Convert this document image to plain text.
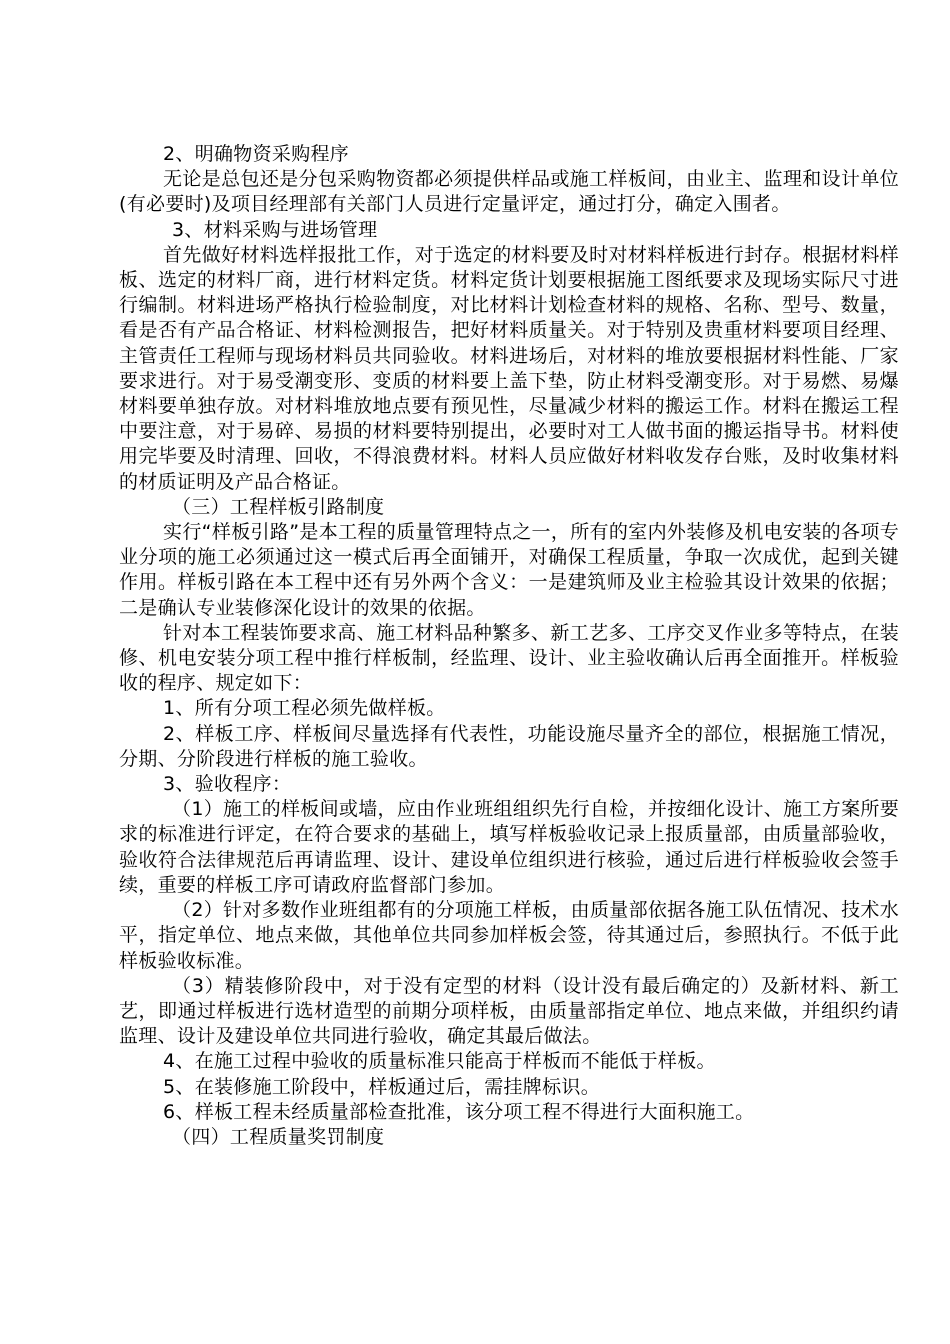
2、明确物资采购程序

无论是总包还是分包采购物资都必须提供样品或施工样板间，由业主、监理和设计单位(有必要时)及项目经理部有关部门人员进行定量评定，通过打分，确定入围者。

3、材料采购与进场管理

首先做好材料选样报批工作，对于选定的材料要及时对材料样板进行封存。根据材料样板、选定的材料厂商，进行材料定货。材料定货计划要根据施工图纸要求及现场实际尺寸进行编制。材料进场严格执行检验制度，对比材料计划检查材料的规格、名称、型号、数量，看是否有产品合格证、材料检测报告，把好材料质量关。对于特别及贵重材料要项目经理、主管责任工程师与现场材料员共同验收。材料进场后，对材料的堆放要根据材料性能、厂家要求进行。对于易受潮变形、变质的材料要上盖下垫，防止材料受潮变形。对于易燃、易爆材料要单独存放。对材料堆放地点要有预见性，尽量减少材料的搬运工作。材料在搬运工程中要注意，对于易碎、易损的材料要特别提出，必要时对工人做书面的搬运指导书。材料使用完毕要及时清理、回收，不得浪费材料。材料人员应做好材料收发存台账，及时收集材料的材质证明及产品合格证。

（三）工程样板引路制度

实行“样板引路”是本工程的质量管理特点之一，所有的室内外装修及机电安装的各项专业分项的施工必须通过这一模式后再全面铺开，对确保工程质量，争取一次成优，起到关键作用。样板引路在本工程中还有另外两个含义：一是建筑师及业主检验其设计效果的依据；二是确认专业装修深化设计的效果的依据。

针对本工程装饰要求高、施工材料品种繁多、新工艺多、工序交叉作业多等特点，在装修、机电安装分项工程中推行样板制，经监理、设计、业主验收确认后再全面推开。样板验收的程序、规定如下：

1、所有分项工程必须先做样板。

2、样板工序、样板间尽量选择有代表性，功能设施尽量齐全的部位，根据施工情况，分期、分阶段进行样板的施工验收。

3、验收程序：

（1）施工的样板间或墙，应由作业班组组织先行自检，并按细化设计、施工方案所要求的标准进行评定，在符合要求的基础上，填写样板验收记录上报质量部，由质量部验收，验收符合法律规范后再请监理、设计、建设单位组织进行核验，通过后进行样板验收会签手续，重要的样板工序可请政府监督部门参加。

（2）针对多数作业班组都有的分项施工样板，由质量部依据各施工队伍情况、技术水平，指定单位、地点来做，其他单位共同参加样板会签，待其通过后，参照执行。不低于此样板验收标准。

（3）精装修阶段中，对于没有定型的材料（设计没有最后确定的）及新材料、新工艺，即通过样板进行选材造型的前期分项样板，由质量部指定单位、地点来做，并组织约请监理、设计及建设单位共同进行验收，确定其最后做法。

4、在施工过程中验收的质量标准只能高于样板而不能低于样板。

5、在装修施工阶段中，样板通过后，需挂牌标识。

6、样板工程未经质量部检查批准，该分项工程不得进行大面积施工。

（四）工程质量奖罚制度
